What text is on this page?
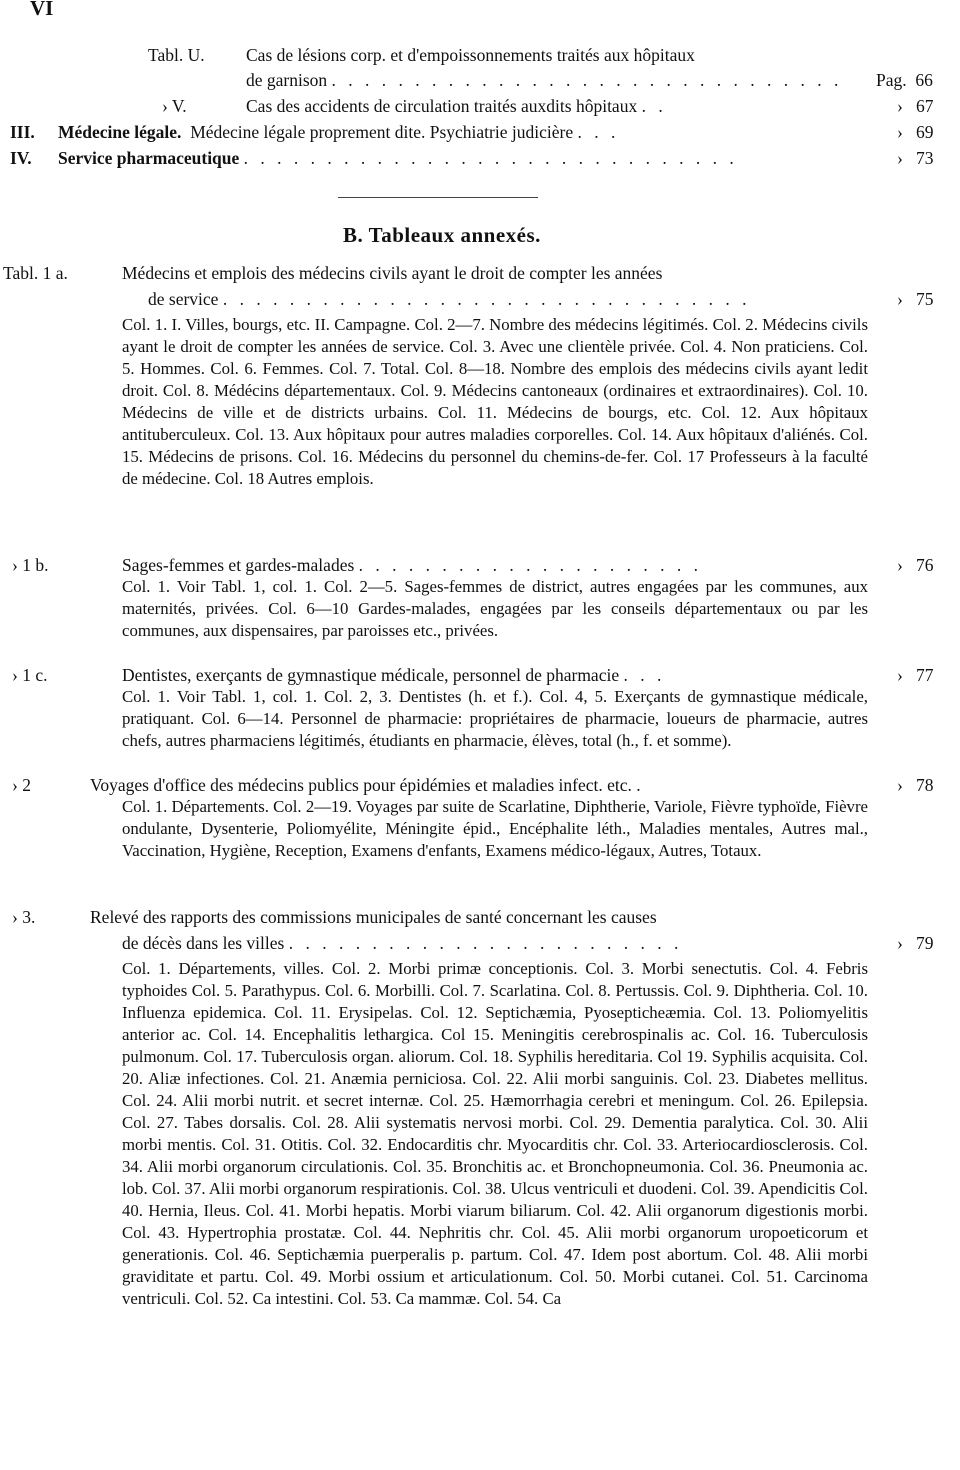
VI
Tabl. U. Cas de lésions corp. et d'empoissonnements traités aux hôpitaux
de garnison . . . . . . . . . . . . . . . . . . . . . . . . . . . . . . . Pag. 66
› V.	Cas des accidents de circulation traités auxdits hôpitaux . .	› 67
III. Médecine légale. Médecine légale proprement dite. Psychiatrie judicière . . .	› 69
IV. Service pharmaceutique . . . . . . . . . . . . . . . . . . . . . . . . . . . . . .	› 73
B. Tableaux annexés.
Tabl. 1 a.	Médecins et emplois des médecins civils ayant le droit de compter les années
de service . . . . . . . . . . . . . . . . . . . . . . . . . . . . . . . .	› 75
Col. 1. I. Villes, bourgs, etc. II. Campagne. Col. 2—7. Nombre des médecins légitimés. Col. 2. Médecins civils ayant le droit de compter les années de service. Col. 3. Avec une clientèle privée. Col. 4. Non praticiens. Col. 5. Hommes. Col. 6. Femmes. Col. 7. Total. Col. 8—18. Nombre des emplois des médecins civils ayant ledit droit. Col. 8. Médécins départementaux. Col. 9. Médecins cantoneaux (ordinaires et extraordinaires). Col. 10. Médecins de ville et de districts urbains. Col. 11. Médecins de bourgs, etc. Col. 12. Aux hôpitaux antituberculeux. Col. 13. Aux hôpitaux pour autres maladies corporelles. Col. 14. Aux hôpitaux d'aliénés. Col. 15. Médecins de prisons. Col. 16. Médecins du personnel du chemins-de-fer. Col. 17 Professeurs à la faculté de médecine. Col. 18 Autres emplois.
› 1 b.	Sages-femmes et gardes-malades . . . . . . . . . . . . . . . . . . . . .	› 76
Col. 1. Voir Tabl. 1, col. 1. Col. 2—5. Sages-femmes de district, autres engagées par les communes, aux maternités, privées. Col. 6—10 Gardes-malades, engagées par les conseils départementaux ou par les communes, aux dispensaires, par paroisses etc., privées.
› 1 c.	Dentistes, exerçants de gymnastique médicale, personnel de pharmacie . . .	› 77
Col. 1. Voir Tabl. 1, col. 1. Col. 2, 3. Dentistes (h. et f.). Col. 4, 5. Exerçants de gymnastique médicale, pratiquant. Col. 6—14. Personnel de pharmacie: propriétaires de pharmacie, loueurs de pharmacie, autres chefs, autres pharmaciens légitimés, étudiants en pharmacie, élèves, total (h., f. et somme).
› 2	Voyages d'office des médecins publics pour épidémies et maladies infect. etc. .	› 78
Col. 1. Départements. Col. 2—19. Voyages par suite de Scarlatine, Diphtherie, Variole, Fièvre typhoïde, Fièvre ondulante, Dysenterie, Poliomyélite, Méningite épid., Encéphalite léth., Maladies mentales, Autres mal., Vaccination, Hygiène, Reception, Examens d'enfants, Examens médico-légaux, Autres, Totaux.
› 3.	Relevé des rapports des commissions municipales de santé concernant les causes
de décès dans les villes . . . . . . . . . . . . . . . . . . . . . . . .	› 79
Col. 1. Départements, villes. Col. 2. Morbi primæ conceptionis. Col. 3. Morbi senectutis. Col. 4. Febris typhoides Col. 5. Parathypus. Col. 6. Morbilli. Col. 7. Scarlatina. Col. 8. Pertussis. Col. 9. Diphtheria. Col. 10. Influenza epidemica. Col. 11. Erysipelas. Col. 12. Septichæmia, Pyosepticheæmia. Col. 13. Poliomyelitis anterior ac. Col. 14. Encephalitis lethargica. Col 15. Meningitis cerebrospinalis ac. Col. 16. Tuberculosis pulmonum. Col. 17. Tuberculosis organ. aliorum. Col. 18. Syphilis hereditaria. Col 19. Syphilis acquisita. Col. 20. Aliæ infectiones. Col. 21. Anæmia perniciosa. Col. 22. Alii morbi sanguinis. Col. 23. Diabetes mellitus. Col. 24. Alii morbi nutrit. et secret internæ. Col. 25. Hæmorrhagia cerebri et meningum. Col. 26. Epilepsia. Col. 27. Tabes dorsalis. Col. 28. Alii systematis nervosi morbi. Col. 29. Dementia paralytica. Col. 30. Alii morbi mentis. Col. 31. Otitis. Col. 32. Endocarditis chr. Myocarditis chr. Col. 33. Arteriocardiosclerosis. Col. 34. Alii morbi organorum circulationis. Col. 35. Bronchitis ac. et Bronchopneumonia. Col. 36. Pneumonia ac. lob. Col. 37. Alii morbi organorum respirationis. Col. 38. Ulcus ventriculi et duodeni. Col. 39. Apendicitis Col. 40. Hernia, Ileus. Col. 41. Morbi hepatis. Morbi viarum biliarum. Col. 42. Alii organorum digestionis morbi. Col. 43. Hypertrophia prostatæ. Col. 44. Nephritis chr. Col. 45. Alii morbi organorum uropoeticorum et generationis. Col. 46. Septichæmia puerperalis p. partum. Col. 47. Idem post abortum. Col. 48. Alii morbi graviditate et partu. Col. 49. Morbi ossium et articulationum. Col. 50. Morbi cutanei. Col. 51. Carcinoma ventriculi. Col. 52. Ca intestini. Col. 53. Ca mammæ. Col. 54. Ca
